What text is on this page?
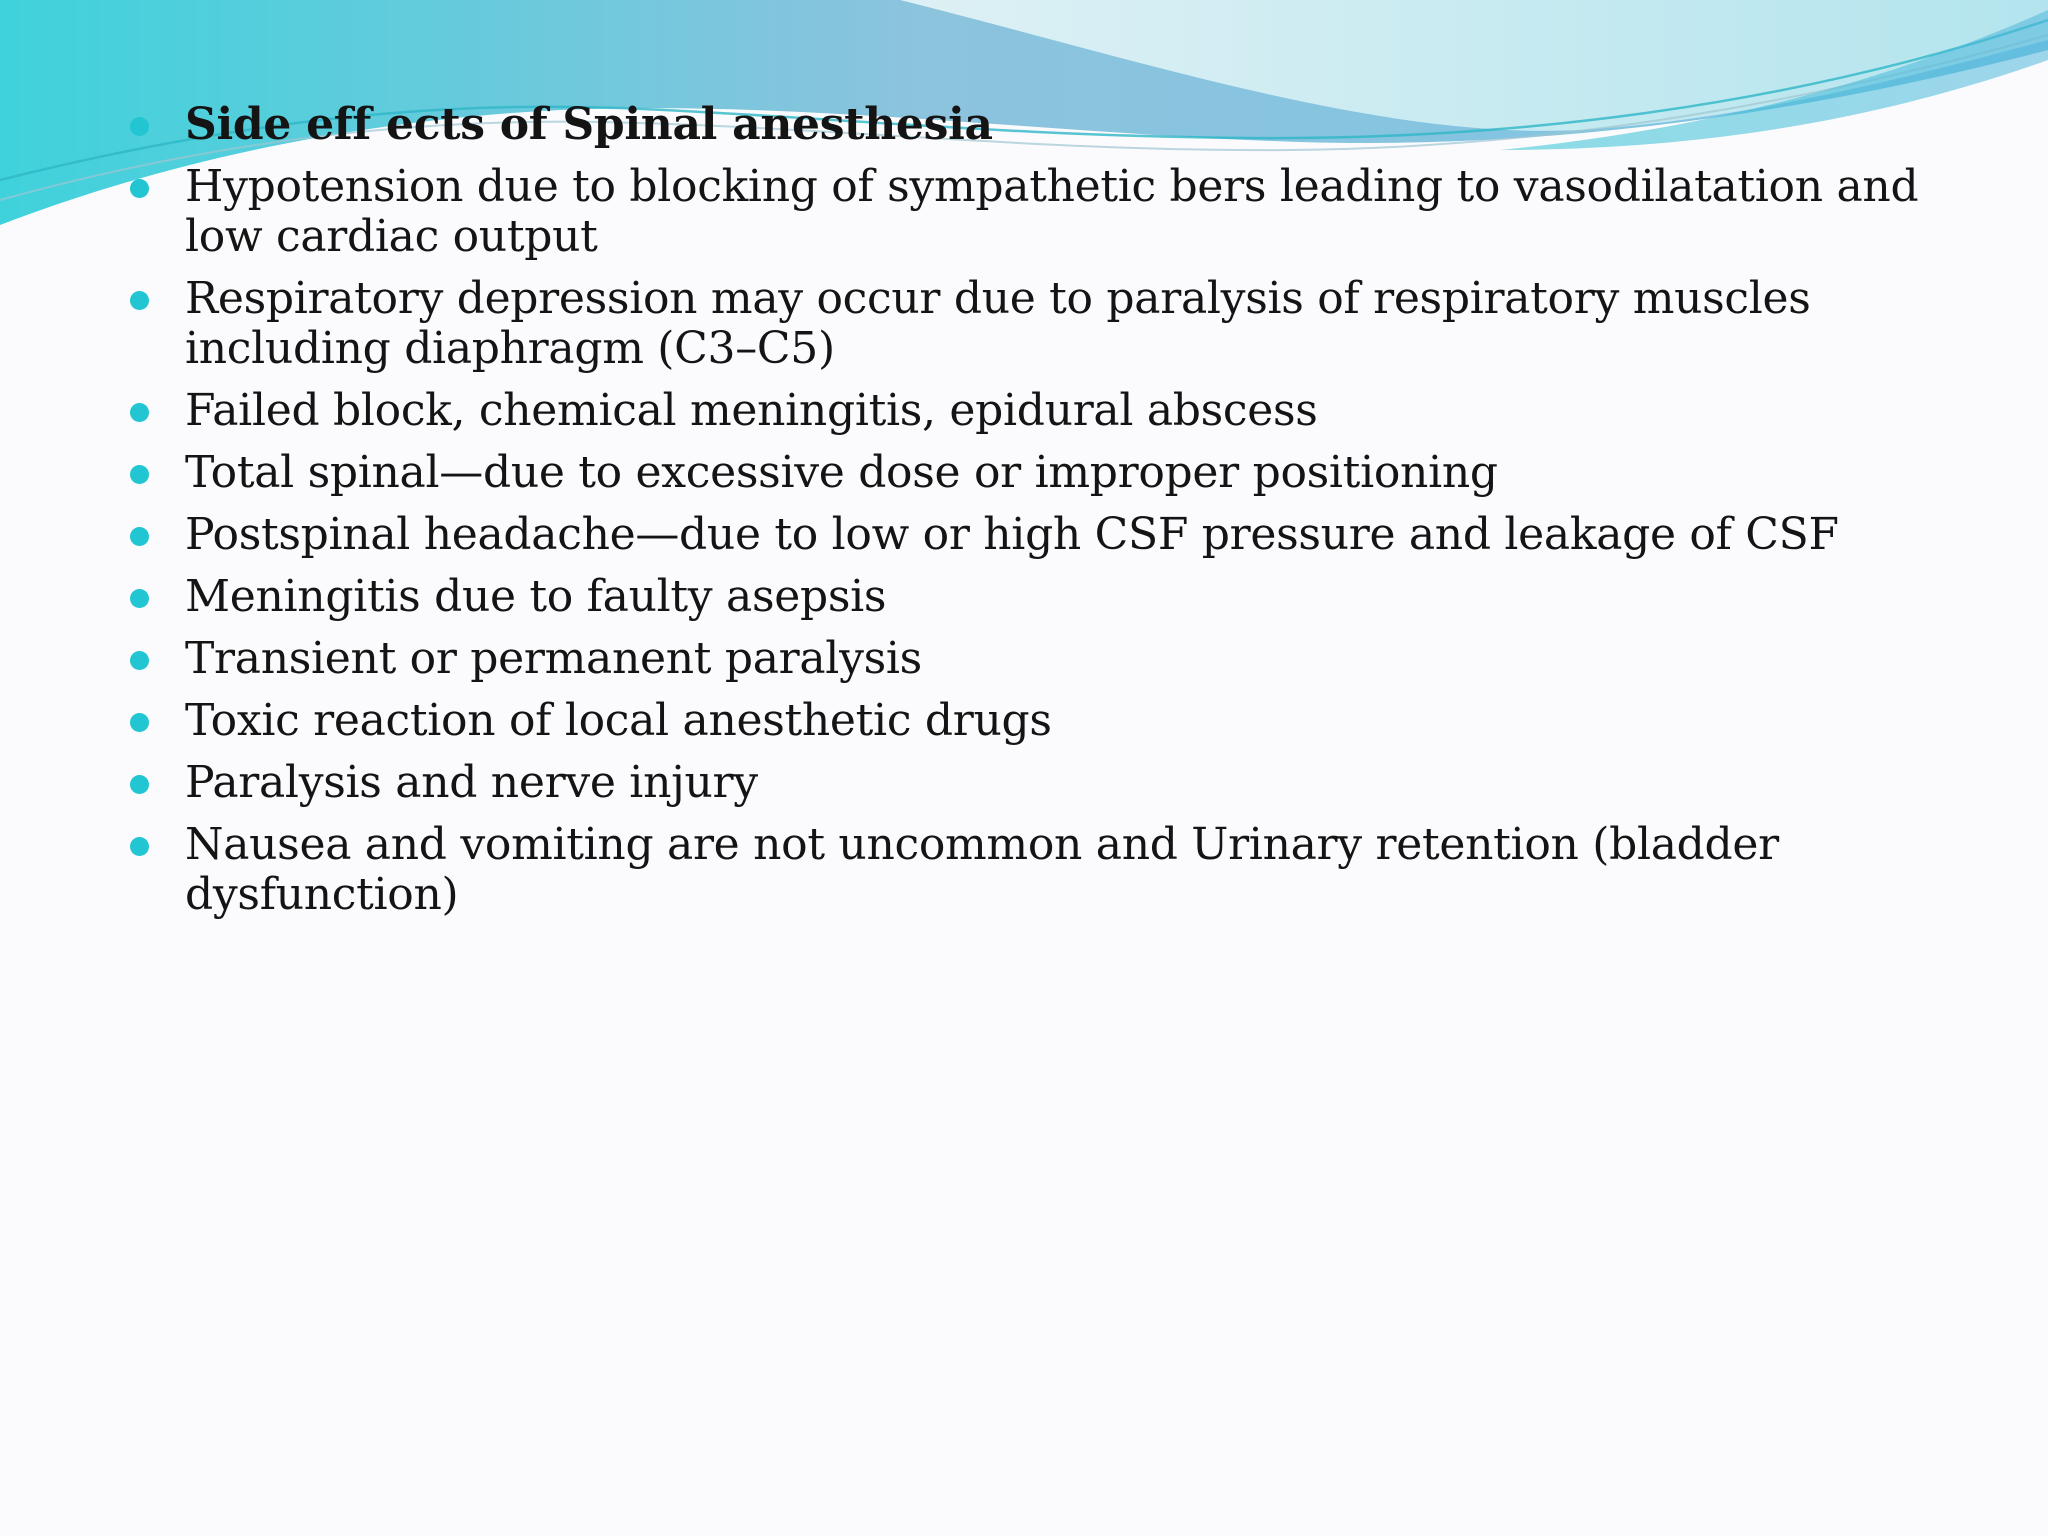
Side eff ects of Spinal anesthesia
Hypotension due to blocking of sympathetic bers leading to vasodilatation and low cardiac output
Respiratory depression may occur due to paralysis of respiratory muscles including diaphragm (C3–C5)
Failed block, chemical meningitis, epidural abscess
Total spinal—due to excessive dose or improper positioning
Postspinal headache—due to low or high CSF pressure and leakage of CSF
Meningitis due to faulty asepsis
Transient or permanent paralysis
Toxic reaction of local anesthetic drugs
Paralysis and nerve injury
Nausea and vomiting are not uncommon and Urinary retention (bladder dysfunction)
